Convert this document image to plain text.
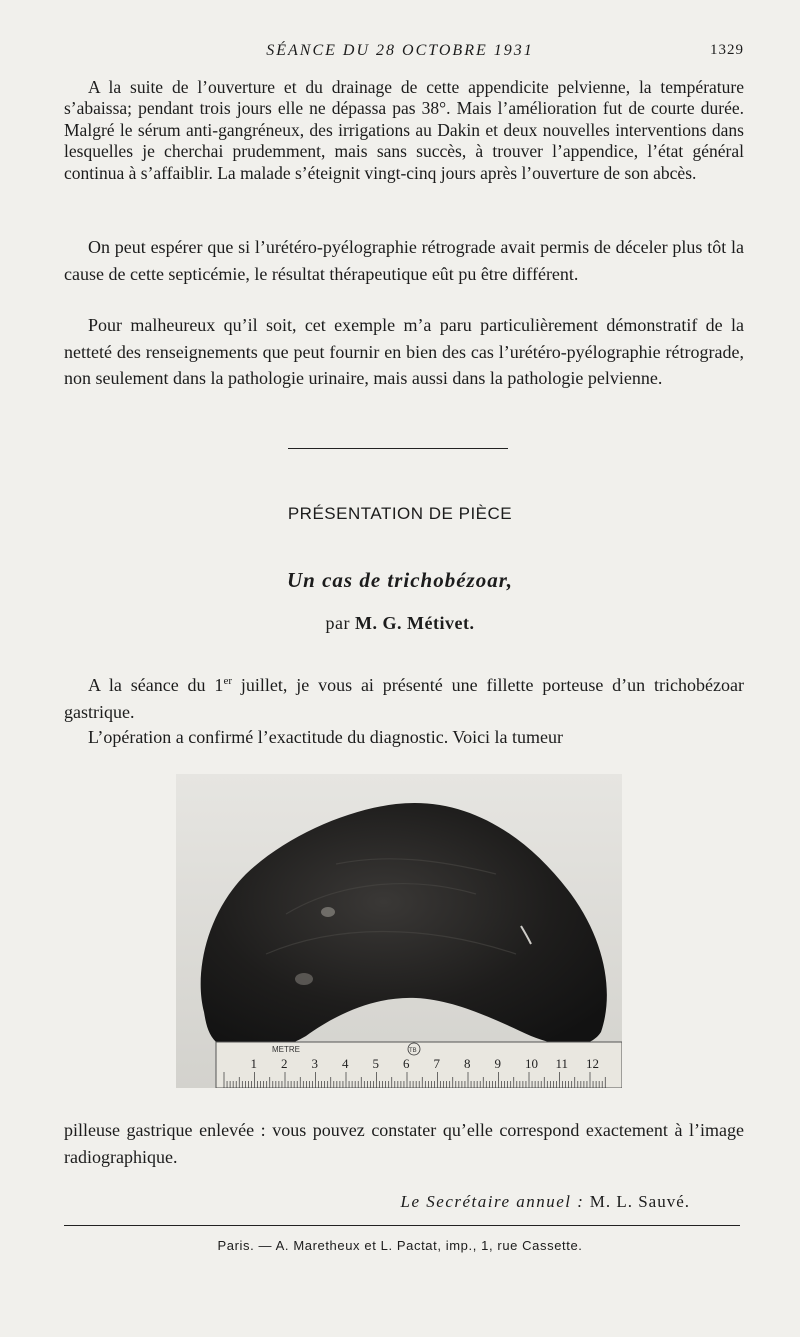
SÉANCE DU 28 OCTOBRE 1931	1329

A la suite de l’ouverture et du drainage de cette appendicite pelvienne, la température s’abaissa; pendant trois jours elle ne dépassa pas 38°. Mais l’amélioration fut de courte durée. Malgré le sérum anti-gangréneux, des irrigations au Dakin et deux nouvelles interventions dans lesquelles je cherchai prudemment, mais sans succès, à trouver l’appendice, l’état général continua à s’affaiblir. La malade s’éteignit vingt-cinq jours après l’ouverture de son abcès.

On peut espérer que si l’urétéro-pyélographie rétrograde avait permis de déceler plus tôt la cause de cette septicémie, le résultat thérapeutique eût pu être différent.

Pour malheureux qu’il soit, cet exemple m’a paru particulièrement démonstratif de la netteté des renseignements que peut fournir en bien des cas l’urétéro-pyélographie rétrograde, non seulement dans la pathologie urinaire, mais aussi dans la pathologie pelvienne.

PRÉSENTATION DE PIÈCE
Un cas de trichobézoar,
par M. G. Métivet.

A la séance du 1er juillet, je vous ai présenté une fillette porteuse d’un trichobézoar gastrique.

L’opération a confirmé l’exactitude du diagnostic. Voici la tumeur

1 2 3 4 5 6 7 8 9 10 11 12
METRE	TB

pilleuse gastrique enlevée : vous pouvez constater qu’elle correspond exactement à l’image radiographique.

Le Secrétaire annuel : M. L. Sauvé.
Paris. — A. Maretheux et L. Pactat, imp., 1, rue Cassette.
